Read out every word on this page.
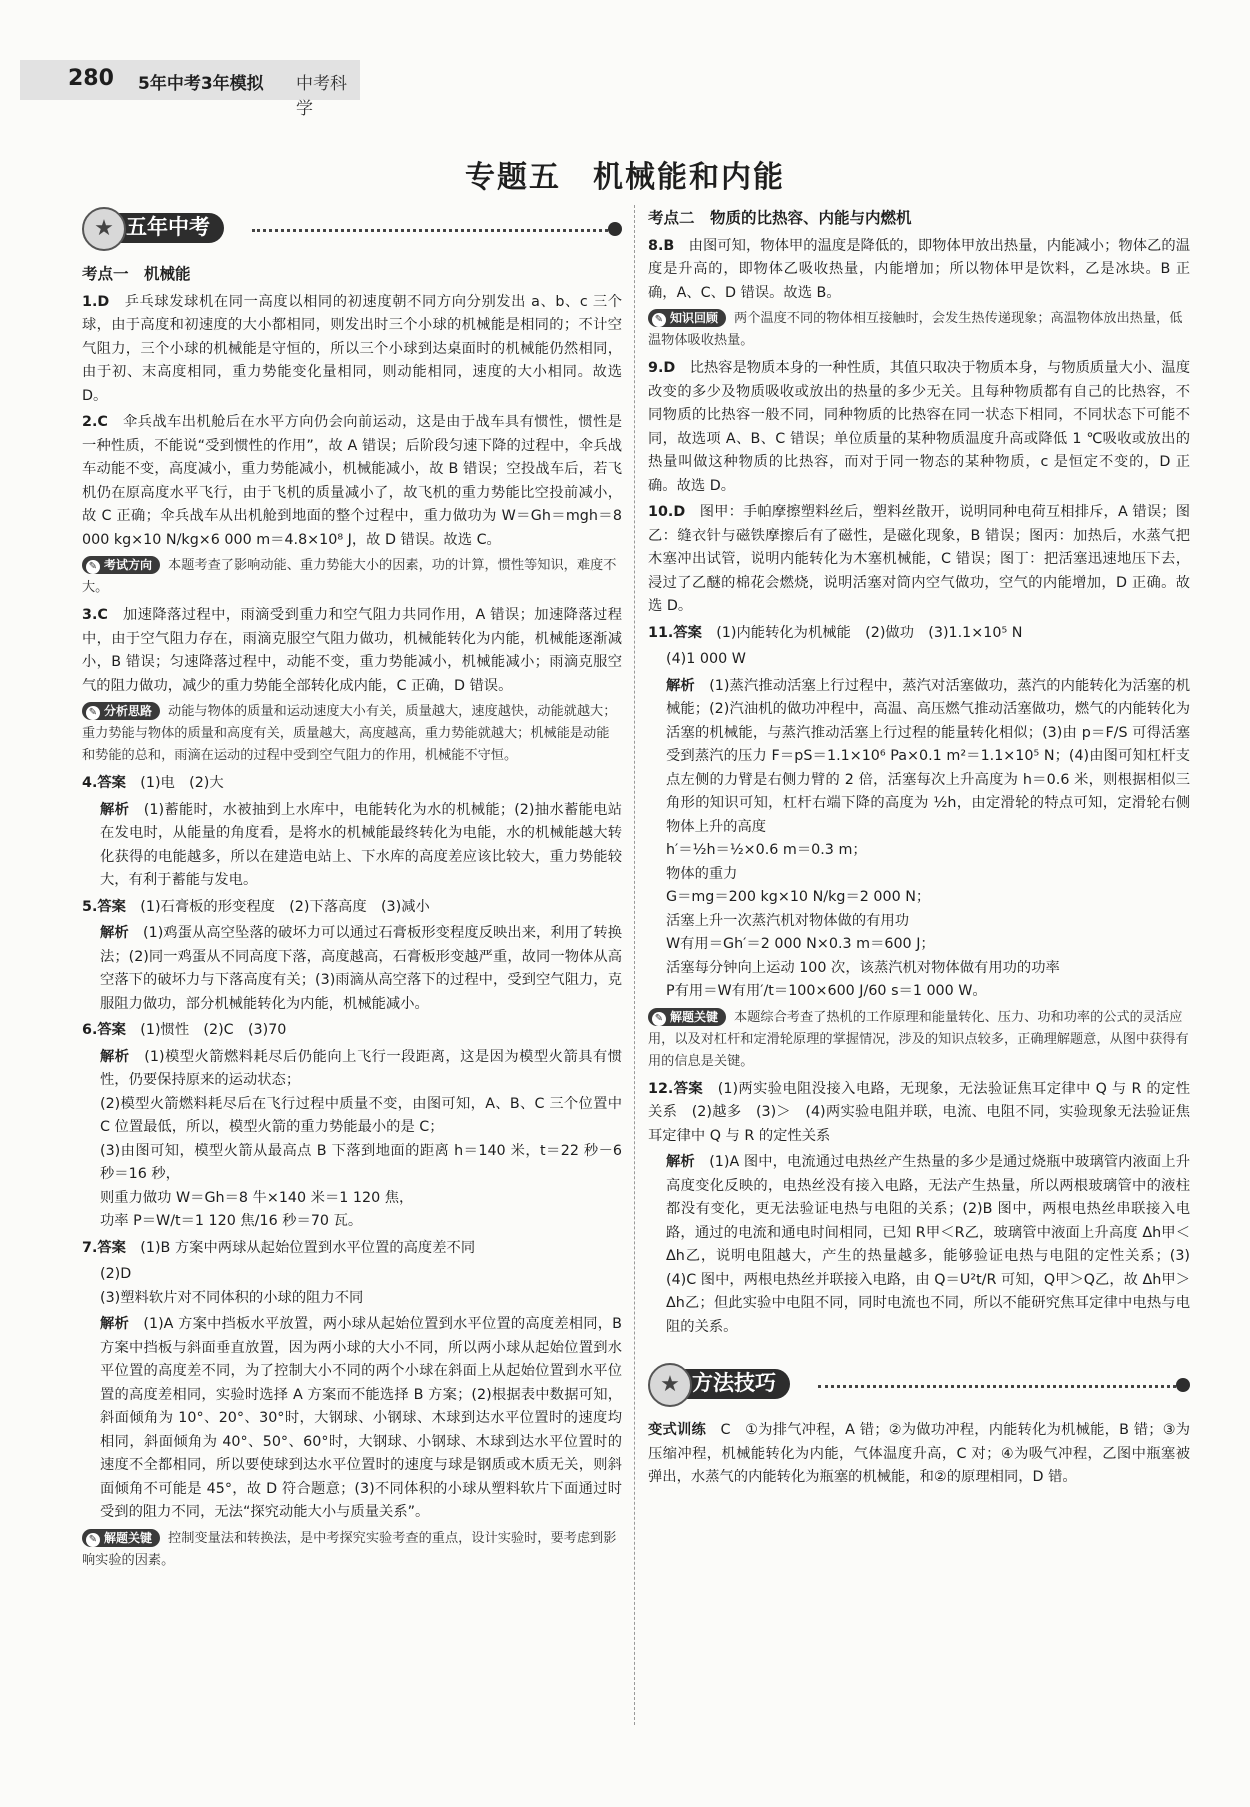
280 5年中考3年模拟 中考科学
专题五　机械能和内能
五年中考
★
考点一　机械能
1.D　 乒乓球发球机在同一高度以相同的初速度朝不同方向分别发出 a、b、c 三个球，由于高度和初速度的大小都相同，则发出时三个小球的机械能是相同的；不计空气阻力，三个小球的机械能是守恒的，所以三个小球到达桌面时的机械能仍然相同，由于初、末高度相同，重力势能变化量相同，则动能相同，速度的大小相同。故选 D。
2.C　 伞兵战车出机舱后在水平方向仍会向前运动，这是由于战车具有惯性，惯性是一种性质，不能说“受到惯性的作用”，故 A 错误；后阶段匀速下降的过程中，伞兵战车动能不变，高度减小，重力势能减小，机械能减小，故 B 错误；空投战车后，若飞机仍在原高度水平飞行，由于飞机的质量减小了，故飞机的重力势能比空投前减小，故 C 正确；伞兵战车从出机舱到地面的整个过程中，重力做功为 W＝Gh＝mgh＝8 000 kg×10 N/kg×6 000 m＝4.8×10⁸ J，故 D 错误。故选 C。
✎ 考试方向 本题考查了影响动能、重力势能大小的因素，功的计算，惯性等知识，难度不大。
3.C　 加速降落过程中，雨滴受到重力和空气阻力共同作用，A 错误；加速降落过程中，由于空气阻力存在，雨滴克服空气阻力做功，机械能转化为内能，机械能逐渐减小，B 错误；匀速降落过程中，动能不变，重力势能减小，机械能减小；雨滴克服空气的阻力做功，减少的重力势能全部转化成内能，C 正确，D 错误。
✎ 分析思路 动能与物体的质量和运动速度大小有关，质量越大，速度越快，动能就越大；重力势能与物体的质量和高度有关，质量越大，高度越高，重力势能就越大；机械能是动能和势能的总和，雨滴在运动的过程中受到空气阻力的作用，机械能不守恒。
4.答案　 (1)电　(2)大
解析　 (1)蓄能时，水被抽到上水库中，电能转化为水的机械能；(2)抽水蓄能电站在发电时，从能量的角度看，是将水的机械能最终转化为电能，水的机械能越大转化获得的电能越多，所以在建造电站上、下水库的高度差应该比较大，重力势能较大，有利于蓄能与发电。
5.答案　 (1)石膏板的形变程度　(2)下落高度　(3)减小
解析　 (1)鸡蛋从高空坠落的破坏力可以通过石膏板形变程度反映出来，利用了转换法；(2)同一鸡蛋从不同高度下落，高度越高，石膏板形变越严重，故同一物体从高空落下的破坏力与下落高度有关；(3)雨滴从高空落下的过程中，受到空气阻力，克服阻力做功，部分机械能转化为内能，机械能减小。
6.答案　 (1)惯性　(2)C　(3)70

解析　 (1)模型火箭燃料耗尽后仍能向上飞行一段距离，这是因为模型火箭具有惯性，仍要保持原来的运动状态；

(2)模型火箭燃料耗尽后在飞行过程中质量不变，由图可知，A、B、C 三个位置中 C 位置最低，所以，模型火箭的重力势能最小的是 C；

(3)由图可知，模型火箭从最高点 B 下落到地面的距离 h＝140 米，t＝22 秒－6 秒＝16 秒，

则重力做功 W＝Gh＝8 牛×140 米＝1 120 焦，

功率 P＝W/t＝1 120 焦/16 秒＝70 瓦。

7.答案　 (1)B 方案中两球从起始位置到水平位置的高度差不同

(2)D

(3)塑料软片对不同体积的小球的阻力不同

解析　 (1)A 方案中挡板水平放置，两小球从起始位置到水平位置的高度差相同，B 方案中挡板与斜面垂直放置，因为两小球的大小不同，所以两小球从起始位置到水平位置的高度差不同，为了控制大小不同的两个小球在斜面上从起始位置到水平位置的高度差相同，实验时选择 A 方案而不能选择 B 方案；(2)根据表中数据可知，斜面倾角为 10°、20°、30°时，大钢球、小钢球、木球到达水平位置时的速度均相同，斜面倾角为 40°、50°、60°时，大钢球、小钢球、木球到达水平位置时的速度不全都相同，所以要使球到达水平位置时的速度与球是钢质或木质无关，则斜面倾角不可能是 45°，故 D 符合题意；(3)不同体积的小球从塑料软片下面通过时受到的阻力不同，无法“探究动能大小与质量关系”。
✎ 解题关键 控制变量法和转换法，是中考探究实验考查的重点，设计实验时，要考虑到影响实验的因素。
考点二　物质的比热容、内能与内燃机
8.B　 由图可知，物体甲的温度是降低的，即物体甲放出热量，内能减小；物体乙的温度是升高的，即物体乙吸收热量，内能增加；所以物体甲是饮料，乙是冰块。B 正确，A、C、D 错误。故选 B。
✎ 知识回顾 两个温度不同的物体相互接触时，会发生热传递现象；高温物体放出热量，低温物体吸收热量。
9.D　 比热容是物质本身的一种性质，其值只取决于物质本身，与物质质量大小、温度改变的多少及物质吸收或放出的热量的多少无关。且每种物质都有自己的比热容，不同物质的比热容一般不同，同种物质的比热容在同一状态下相同，不同状态下可能不同，故选项 A、B、C 错误；单位质量的某种物质温度升高或降低 1 ℃吸收或放出的热量叫做这种物质的比热容，而对于同一物态的某种物质，c 是恒定不变的，D 正确。故选 D。
10.D　 图甲：手帕摩擦塑料丝后，塑料丝散开，说明同种电荷互相排斥，A 错误；图乙：缝衣针与磁铁摩擦后有了磁性，是磁化现象，B 错误；图丙：加热后，水蒸气把木塞冲出试管，说明内能转化为木塞机械能，C 错误；图丁：把活塞迅速地压下去，浸过了乙醚的棉花会燃烧，说明活塞对筒内空气做功，空气的内能增加，D 正确。故选 D。
11.答案　 (1)内能转化为机械能　(2)做功　(3)1.1×10⁵ N
(4)1 000 W

解析　 (1)蒸汽推动活塞上行过程中，蒸汽对活塞做功，蒸汽的内能转化为活塞的机械能；(2)汽油机的做功冲程中，高温、高压燃气推动活塞做功，燃气的内能转化为活塞的机械能，与蒸汽推动活塞上行过程的能量转化相似；(3)由 p＝F/S 可得活塞受到蒸汽的压力 F＝pS＝1.1×10⁶ Pa×0.1 m²＝1.1×10⁵ N；(4)由图可知杠杆支点左侧的力臂是右侧力臂的 2 倍，活塞每次上升高度为 h＝0.6 米，则根据相似三角形的知识可知，杠杆右端下降的高度为 ½h，由定滑轮的特点可知，定滑轮右侧物体上升的高度

h′＝½h＝½×0.6 m＝0.3 m；

物体的重力

G＝mg＝200 kg×10 N/kg＝2 000 N；

活塞上升一次蒸汽机对物体做的有用功

W有用＝Gh′＝2 000 N×0.3 m＝600 J；

活塞每分钟向上运动 100 次，该蒸汽机对物体做有用功的功率

P有用＝W有用′/t＝100×600 J/60 s＝1 000 W。

✎ 解题关键 本题综合考查了热机的工作原理和能量转化、压力、功和功率的公式的灵活应用，以及对杠杆和定滑轮原理的掌握情况，涉及的知识点较多，正确理解题意，从图中获得有用的信息是关键。
12.答案　 (1)两实验电阻没接入电路，无现象，无法验证焦耳定律中 Q 与 R 的定性关系　(2)越多　(3)＞　(4)两实验电阻并联，电流、电阻不同，实验现象无法验证焦耳定律中 Q 与 R 的定性关系
解析　 (1)A 图中，电流通过电热丝产生热量的多少是通过烧瓶中玻璃管内液面上升高度变化反映的，电热丝没有接入电路，无法产生热量，所以两根玻璃管中的液柱都没有变化，更无法验证电热与电阻的关系；(2)B 图中，两根电热丝串联接入电路，通过的电流和通电时间相同，已知 R甲＜R乙，玻璃管中液面上升高度 Δh甲＜Δh乙，说明电阻越大，产生的热量越多，能够验证电热与电阻的定性关系；(3)(4)C 图中，两根电热丝并联接入电路，由 Q＝U²t/R 可知，Q甲＞Q乙，故 Δh甲＞Δh乙；但此实验中电阻不同，同时电流也不同，所以不能研究焦耳定律中电热与电阻的关系。
方法技巧
★
变式训练　 C　①为排气冲程，A 错；②为做功冲程，内能转化为机械能，B 错；③为压缩冲程，机械能转化为内能，气体温度升高，C 对；④为吸气冲程，乙图中瓶塞被弹出，水蒸气的内能转化为瓶塞的机械能，和②的原理相同，D 错。
